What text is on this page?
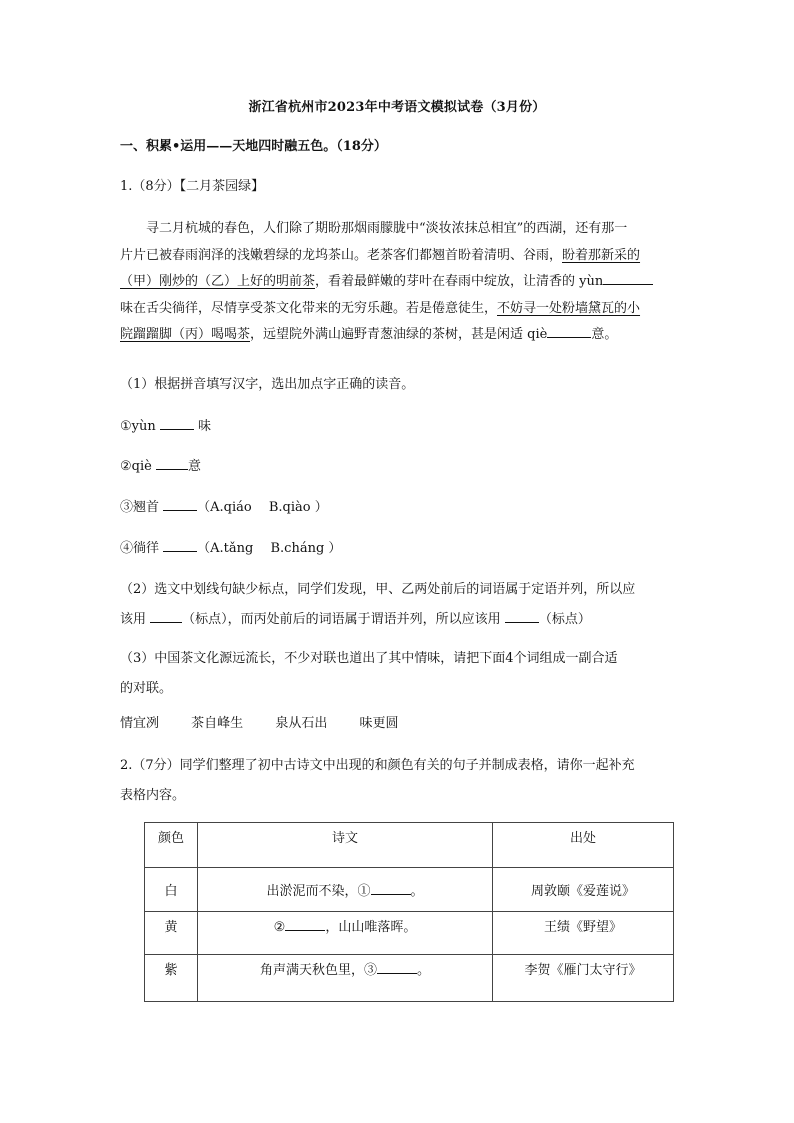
浙江省杭州市2023年中考语文模拟试卷（3月份）
一、积累•运用——天地四时融五色。（18分）
1.（8分）【二月茶园绿】

寻二月杭城的春色，人们除了期盼那烟雨朦胧中“淡妆浓抹总相宜”的西湖，还有那一

片片已被春雨润泽的浅嫩碧绿的龙坞茶山。老茶客们都翘首盼着清明、谷雨，盼着那新采的

（甲）刚炒的（乙）上好的明前茶，看着最鲜嫩的芽叶在春雨中绽放，让清香的 yùn

味在舌尖徜徉，尽情享受茶文化带来的无穷乐趣。若是倦意徒生，不妨寻一处粉墙黛瓦的小

院蹓蹓脚（丙）喝喝茶，远望院外满山遍野青葱油绿的茶树，甚是闲适 qiè	意。

（1）根据拼音填写汉字，选出加点字正确的读音。
①yùn	味
②qiè	意
③翘首	（A.qiáo　 B.qiào ）
④徜徉	（A.tǎng　 B.cháng ）

（2）选文中划线句缺少标点，同学们发现，甲、乙两处前后的词语属于定语并列，所以应

该用	（标点），而丙处前后的词语属于谓语并列，所以应该用	（标点）

（3）中国茶文化源远流长，不少对联也道出了其中情味，请把下面4个词组成一副合适

的对联。

情宜冽 茶自峰生 泉从石出 味更圆

2.（7分）同学们整理了初中古诗文中出现的和颜色有关的句子并制成表格，请你一起补充

表格内容。

颜色	诗文	出处
白	出淤泥而不染，① 。	周敦颐《爱莲说》
黄	② ，山山唯落晖。	王绩《野望》
紫	角声满天秋色里，③ 。	李贺《雁门太守行》
